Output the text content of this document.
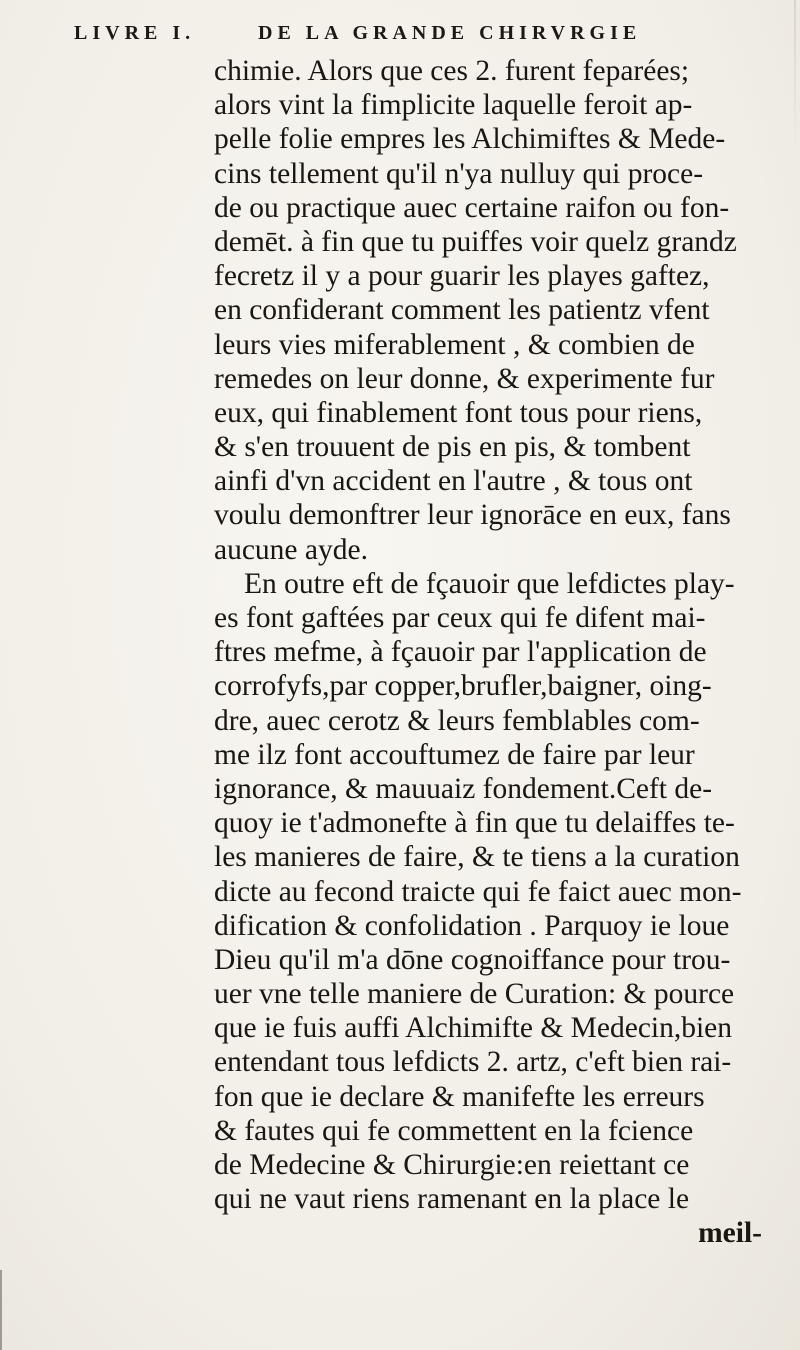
LIVRE I.	DE LA GRANDE CHIRVRGIE
chimie. Alors que ces 2. furent feparées;
alors vint la fimplicite laquelle feroit ap-
pelle folie empres les Alchimiftes & Mede-
cins tellement qu'il n'ya nulluy qui proce-
de ou practique auec certaine raifon ou fon-
demēt. à fin que tu puiffes voir quelz grandz
fecretz il y a pour guarir les playes gaftez,
en confiderant comment les patientz vfent
leurs vies miferablement , & combien de
remedes on leur donne, & experimente fur
eux, qui finablement font tous pour riens,
& s'en trouuent de pis en pis, & tombent
ainfi d'vn accident en l'autre , & tous ont
voulu demonftrer leur ignorāce en eux, fans
aucune ayde.
En outre eft de fçauoir que lefdictes play-
es font gaftées par ceux qui fe difent mai-
ftres mefme, à fçauoir par l'application de
corrofyfs,par copper,brufler,baigner, oing-
dre, auec cerotz & leurs femblables com-
me ilz font accouftumez de faire par leur
ignorance, & mauuaiz fondement.Ceft de-
quoy ie t'admonefte à fin que tu delaiffes te-
les manieres de faire, & te tiens a la curation
dicte au fecond traicte qui fe faict auec mon-
dification & confolidation . Parquoy ie loue
Dieu qu'il m'a dōne cognoiffance pour trou-
uer vne telle maniere de Curation: & pource
que ie fuis auffi Alchimifte & Medecin,bien
entendant tous lefdicts 2. artz, c'eft bien rai-
fon que ie declare & manifefte les erreurs
& fautes qui fe commettent en la fcience
de Medecine & Chirurgie:en reiettant ce
qui ne vaut riens ramenant en la place le
meil-
